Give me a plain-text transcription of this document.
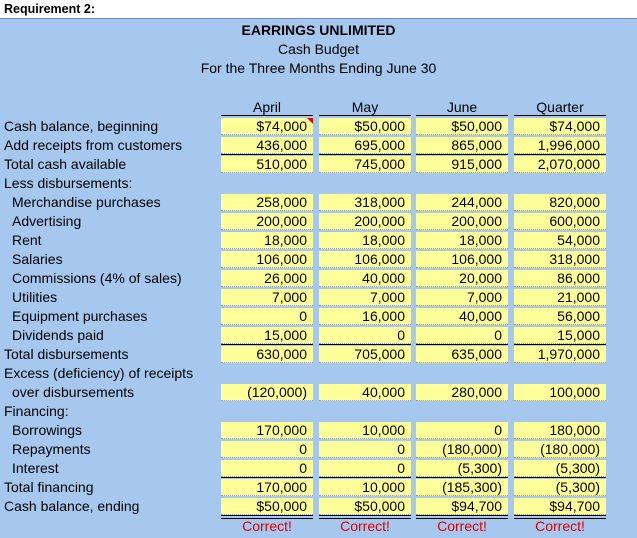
Requirement 2:
EARRINGS UNLIMITED
Cash Budget
For the Three Months Ending June 30
April	May	June	Quarter
Cash balance, beginning	$74,000	$50,000	$50,000	$74,000
Add receipts from customers	436,000	695,000	865,000	1,996,000
Total cash available	510,000	745,000	915,000	2,070,000
Less disbursements:
Merchandise purchases	258,000	318,000	244,000	820,000
Advertising	200,000	200,000	200,000	600,000
Rent	18,000	18,000	18,000	54,000
Salaries	106,000	106,000	106,000	318,000
Commissions (4% of sales)	26,000	40,000	20,000	86,000
Utilities	7,000	7,000	7,000	21,000
Equipment purchases	0	16,000	40,000	56,000
Dividends paid	15,000	0	0	15,000
Total disbursements	630,000	705,000	635,000	1,970,000
Excess (deficiency) of receipts
over disbursements	(120,000)	40,000	280,000	100,000
Financing:
Borrowings	170,000	10,000	0	180,000
Repayments	0	0	(180,000)	(180,000)
Interest	0	0	(5,300)	(5,300)
Total financing	170,000	10,000	(185,300)	(5,300)
Cash balance, ending	$50,000	$50,000	$94,700	$94,700
Correct!	Correct!	Correct!	Correct!
